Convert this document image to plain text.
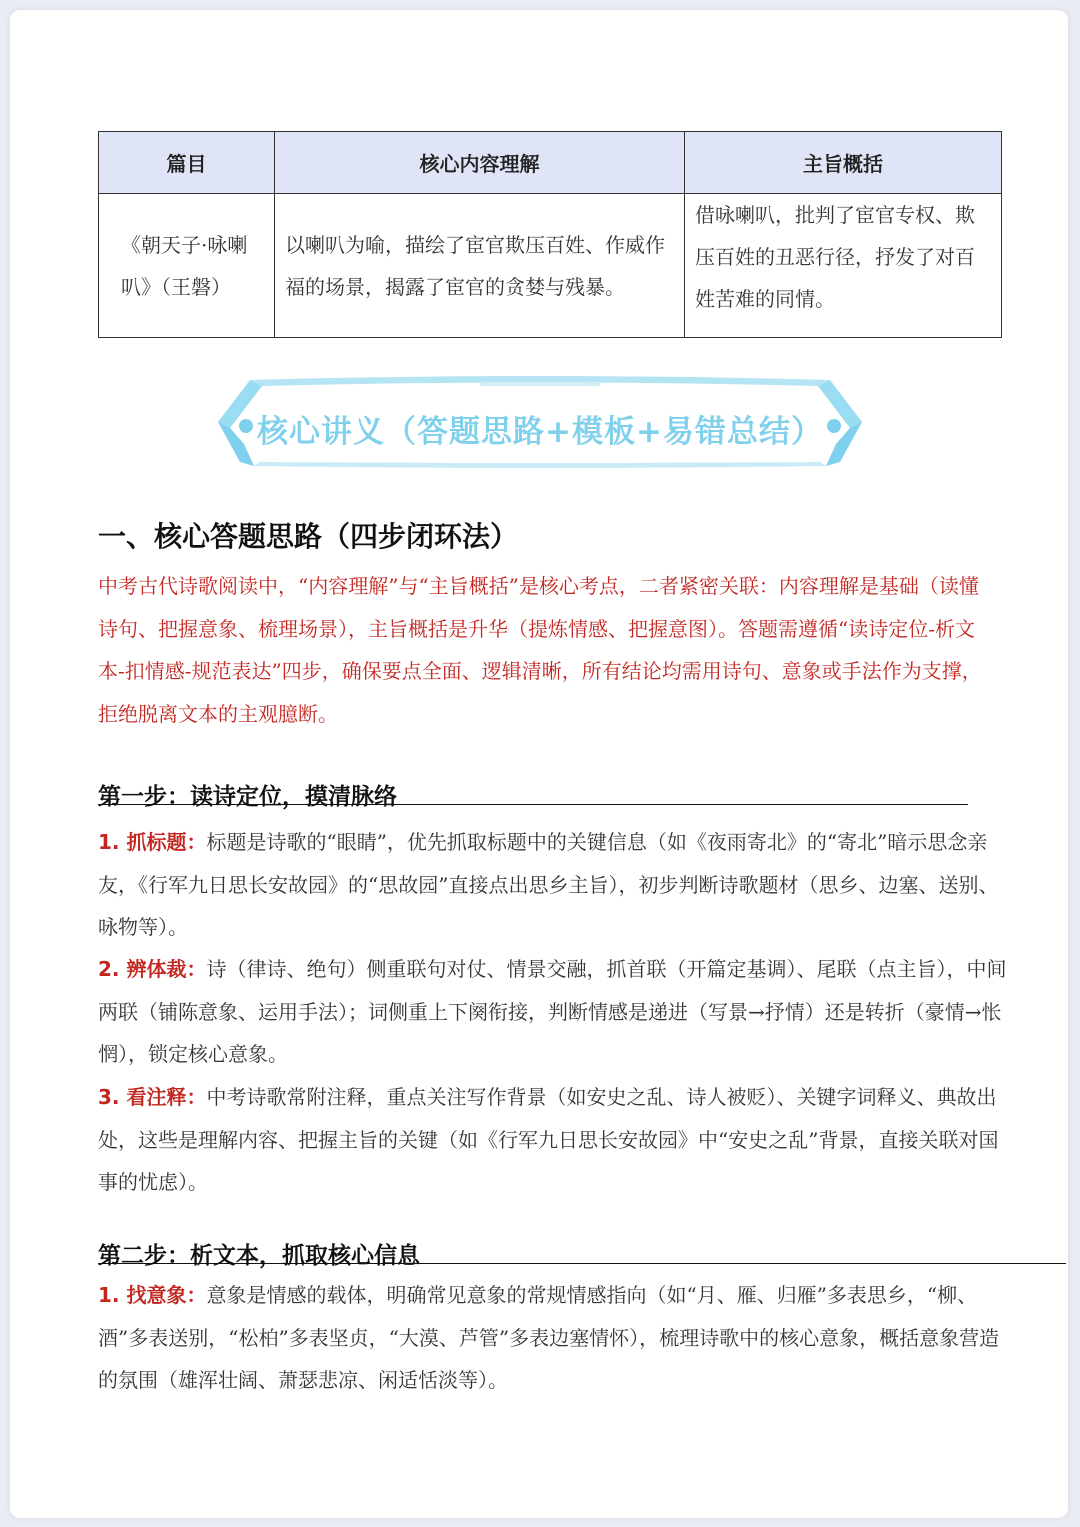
篇目	核心内容理解	主旨概括
《朝天子·咏喇叭》（王磐）	以喇叭为喻，描绘了宦官欺压百姓、作威作福的场景，揭露了宦官的贪婪与残暴。	借咏喇叭，批判了宦官专权、欺压百姓的丑恶行径，抒发了对百姓苦难的同情。
核心讲义（答题思路+模板+易错总结）
一、核心答题思路（四步闭环法）
中考古代诗歌阅读中，“内容理解”与“主旨概括”是核心考点，二者紧密关联：内容理解是基础（读懂诗句、把握意象、梳理场景），主旨概括是升华（提炼情感、把握意图）。答题需遵循“读诗定位-析文本-扣情感-规范表达”四步，确保要点全面、逻辑清晰，所有结论均需用诗句、意象或手法作为支撑，拒绝脱离文本的主观臆断。
第一步：读诗定位，摸清脉络
1. 抓标题：标题是诗歌的“眼睛”，优先抓取标题中的关键信息（如《夜雨寄北》的“寄北”暗示思念亲友，《行军九日思长安故园》的“思故园”直接点出思乡主旨），初步判断诗歌题材（思乡、边塞、送别、咏物等）。
2. 辨体裁：诗（律诗、绝句）侧重联句对仗、情景交融，抓首联（开篇定基调）、尾联（点主旨），中间两联（铺陈意象、运用手法）；词侧重上下阕衔接，判断情感是递进（写景→抒情）还是转折（豪情→怅惘），锁定核心意象。
3. 看注释：中考诗歌常附注释，重点关注写作背景（如安史之乱、诗人被贬）、关键字词释义、典故出处，这些是理解内容、把握主旨的关键（如《行军九日思长安故园》中“安史之乱”背景，直接关联对国事的忧虑）。
第二步：析文本，抓取核心信息
1. 找意象：意象是情感的载体，明确常见意象的常规情感指向（如“月、雁、归雁”多表思乡，“柳、酒”多表送别，“松柏”多表坚贞，“大漠、芦管”多表边塞情怀），梳理诗歌中的核心意象，概括意象营造的氛围（雄浑壮阔、萧瑟悲凉、闲适恬淡等）。
